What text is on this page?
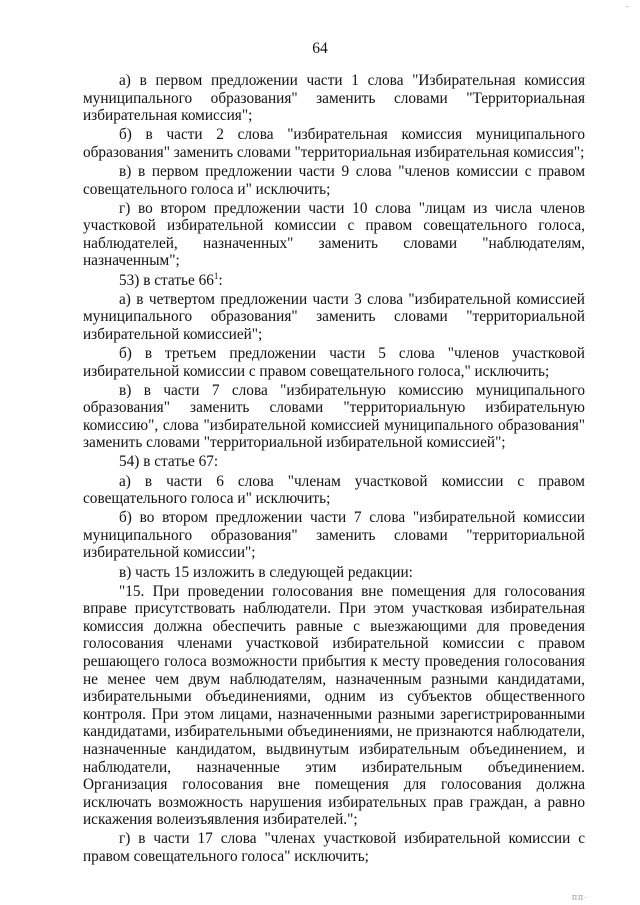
64
-

а) в первом предложении части 1 слова "Избирательная комиссия муниципального образования" заменить словами "Территориальная избирательная комиссия";

б) в части 2 слова "избирательная комиссия муниципального образования" заменить словами "территориальная избирательная комиссия";

в) в первом предложении части 9 слова "членов комиссии с правом совещательного голоса и" исключить;

г) во втором предложении части 10 слова "лицам из числа членов участковой избирательной комиссии с правом совещательного голоса, наблюдателей, назначенных" заменить словами "наблюдателям, назначенным";

53) в статье $66^1$:

а) в четвертом предложении части 3 слова "избирательной комиссией муниципального образования" заменить словами "территориальной избирательной комиссией";

б) в третьем предложении части 5 слова "членов участковой избирательной комиссии с правом совещательного голоса," исключить;

в) в части 7 слова "избирательную комиссию муниципального образования" заменить словами "территориальную избирательную комиссию", слова "избирательной комиссией муниципального образования" заменить словами "территориальной избирательной комиссией";

54) в статье 67:

а) в части 6 слова "членам участковой комиссии с правом совещательного голоса и" исключить;

б) во втором предложении части 7 слова "избирательной комиссии муниципального образования" заменить словами "территориальной избирательной комиссии";

в) часть 15 изложить в следующей редакции:

"15. При проведении голосования вне помещения для голосования вправе присутствовать наблюдатели. При этом участковая избирательная комиссия должна обеспечить равные с выезжающими для проведения голосования членами участковой избирательной комиссии с правом решающего голоса возможности прибытия к месту проведения голосования не менее чем двум наблюдателям, назначенным разными кандидатами, избирательными объединениями, одним из субъектов общественного контроля. При этом лицами, назначенными разными зарегистрированными кандидатами, избирательными объединениями, не признаются наблюдатели, назначенные кандидатом, выдвинутым избирательным объединением, и наблюдатели, назначенные этим избирательным объединением. Организация голосования вне помещения для голосования должна исключать возможность нарушения избирательных прав граждан, а равно искажения волеизъявления избирателей.";

г) в части 17 слова "членах участковой избирательной комиссии с правом совещательного голоса" исключить;

ПП·
